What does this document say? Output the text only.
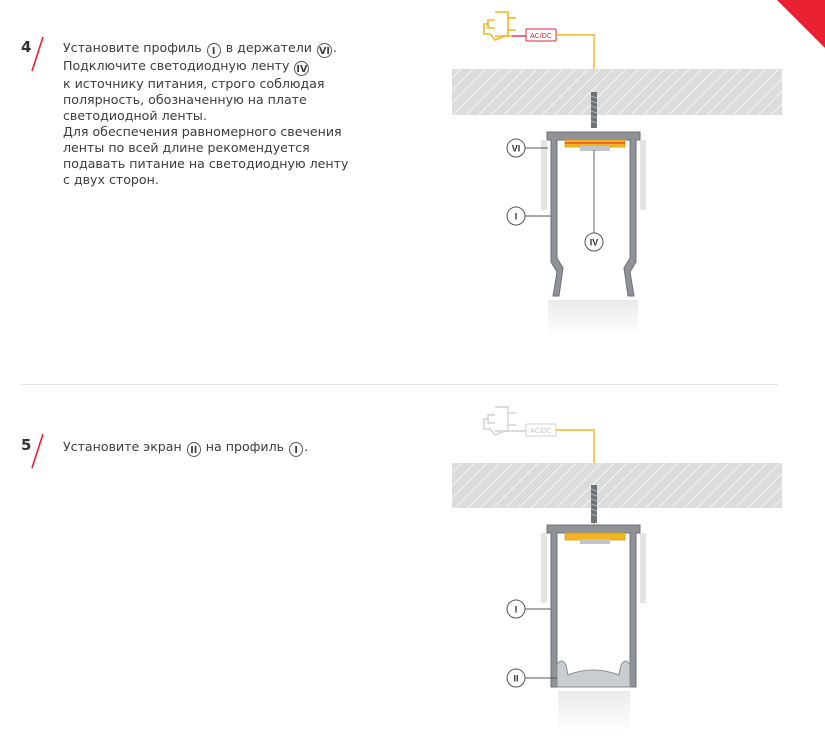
4	Установите профиль I в держатели VI .

Подключите светодиодную ленту IV

к источнику питания, строго соблюдая

полярность, обозначенную на плате

светодиодной ленты.

Для обеспечения равномерного свечения

ленты по всей длине рекомендуется

подавать питание на светодиодную ленту

с двух сторон.

AC/DC
VI
I
IV
5	Установите экран II на профиль I .

AC/DC
I
II
